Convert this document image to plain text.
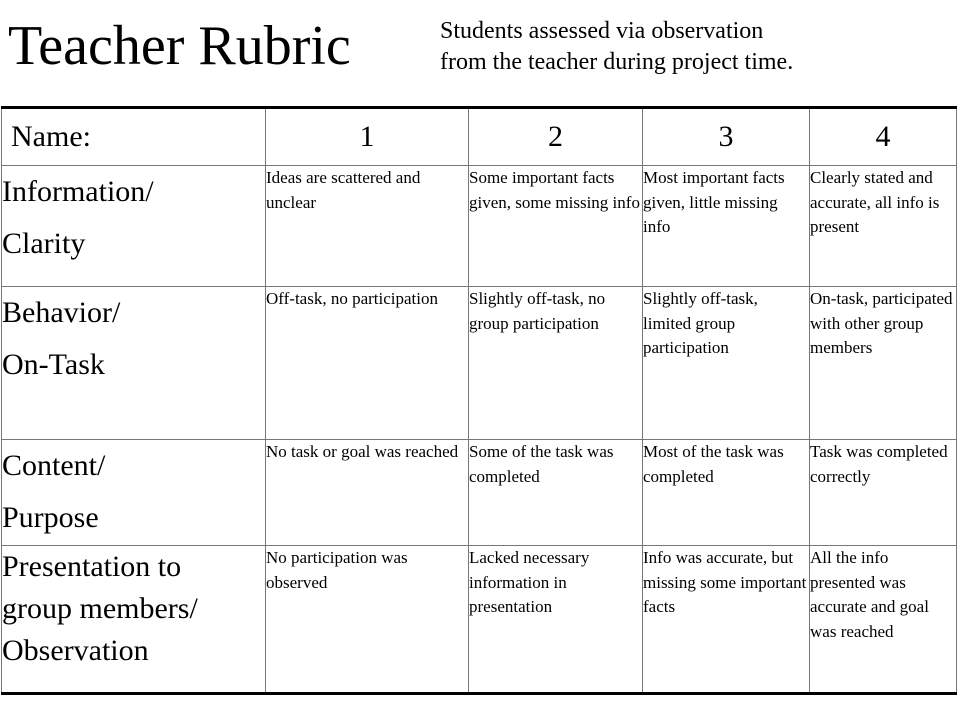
Teacher Rubric	Students assessed via observation
from the teacher during project time.
Name:	1	2	3	4

Information/
Clarity	Ideas are scattered and unclear	Some important facts given, some missing info	Most important facts given, little missing info	Clearly stated and accurate, all info is present

Behavior/
On-Task	Off-task, no participation	Slightly off-task, no group participation	Slightly off-task, limited group participation	On-task, participated with other group members

Content/
Purpose	No task or goal was reached	Some of the task was completed	Most of the task was completed	Task was completed correctly

Presentation to
group members/
Observation	No participation was observed	Lacked necessary information in presentation	Info was accurate, but missing some important facts	All the info presented was accurate and goal was reached
